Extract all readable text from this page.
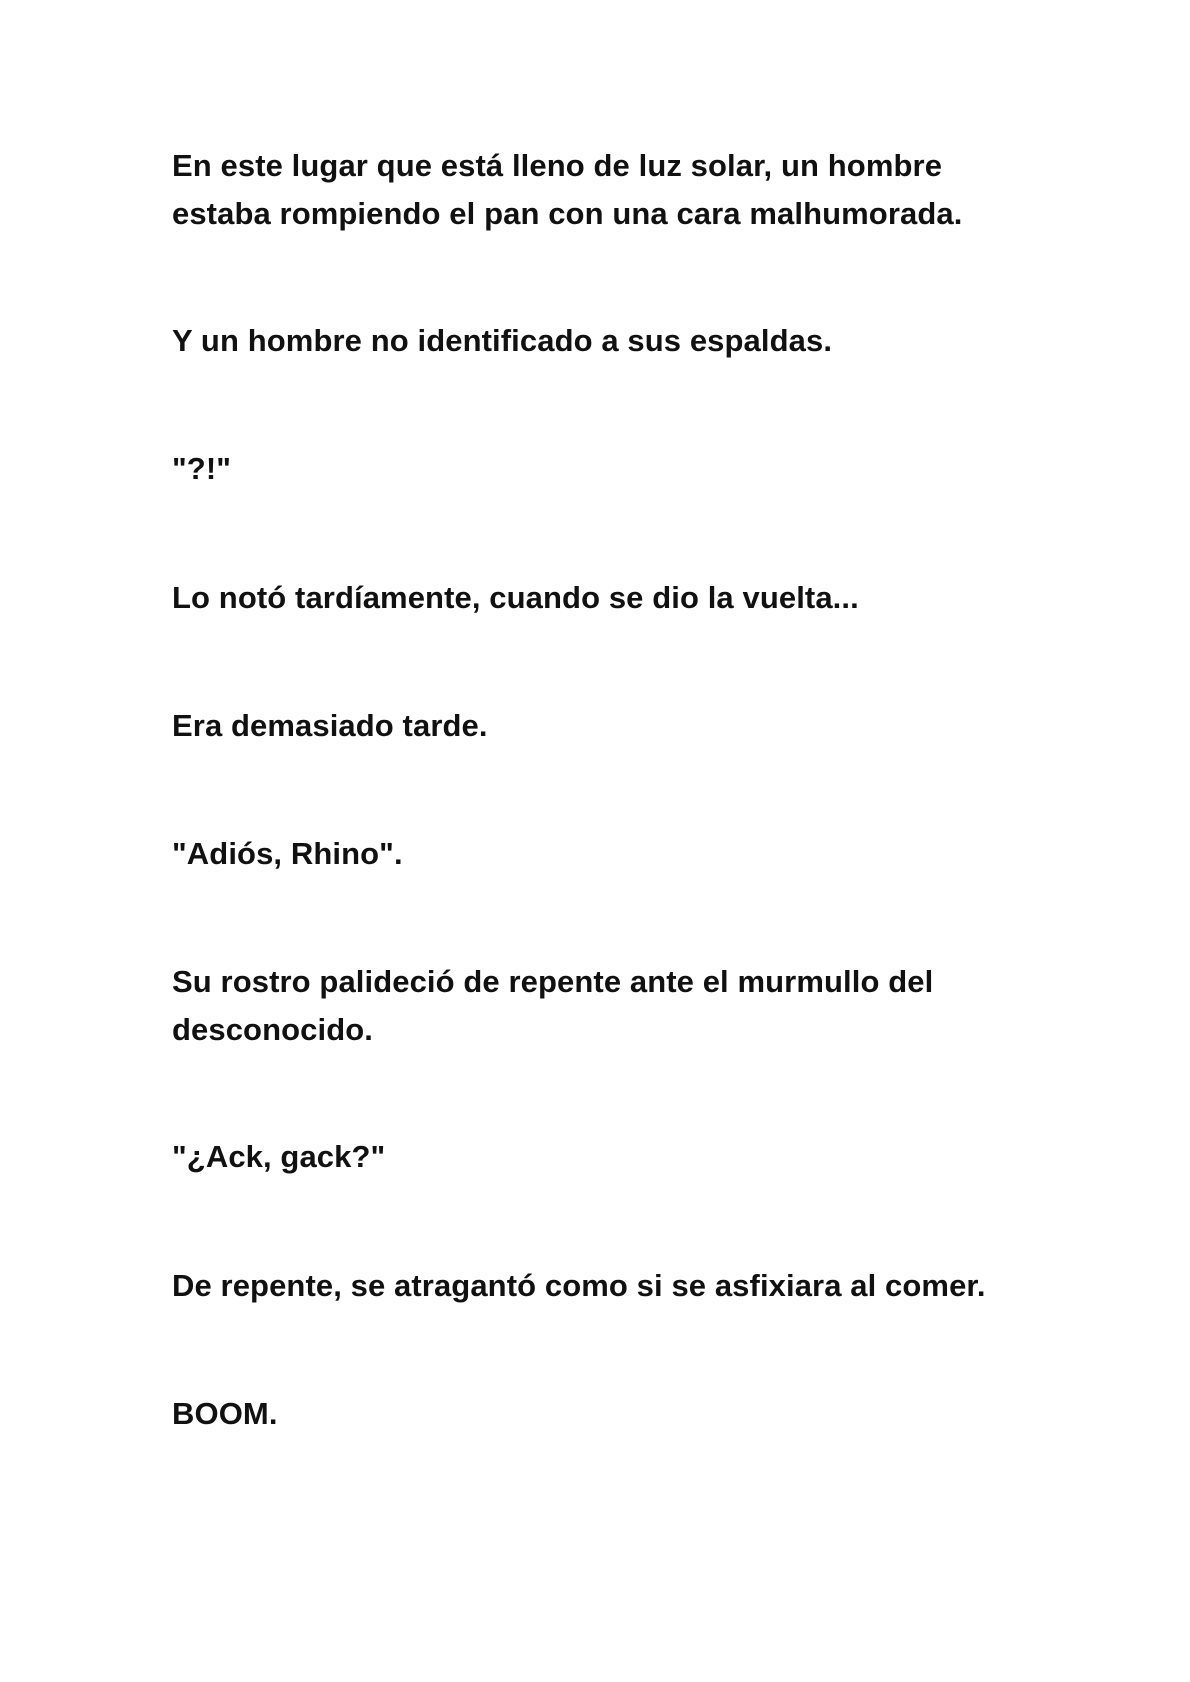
En este lugar que está lleno de luz solar, un hombre estaba rompiendo el pan con una cara malhumorada.

Y un hombre no identificado a sus espaldas.

"?!"

Lo notó tardíamente, cuando se dio la vuelta...

Era demasiado tarde.

"Adiós, Rhino".

Su rostro palideció de repente ante el murmullo del desconocido.

"¿Ack, gack?"

De repente, se atragantó como si se asfixiara al comer.

BOOM.
